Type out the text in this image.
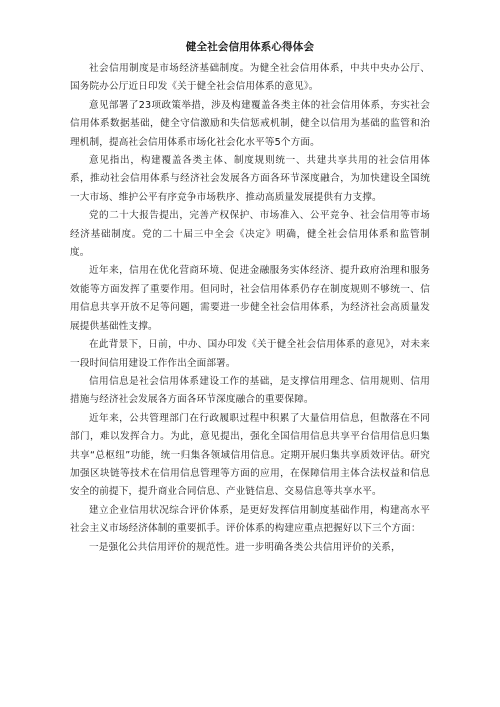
健全社会信用体系心得体会

社会信用制度是市场经济基础制度。为健全社会信用体系，中共中央办公厅、国务院办公厅近日印发《关于健全社会信用体系的意见》。

意见部署了23项政策举措，涉及构建覆盖各类主体的社会信用体系，夯实社会信用体系数据基础，健全守信激励和失信惩戒机制，健全以信用为基础的监管和治理机制，提高社会信用体系市场化社会化水平等5个方面。

意见指出，构建覆盖各类主体、制度规则统一、共建共享共用的社会信用体系，推动社会信用体系与经济社会发展各方面各环节深度融合，为加快建设全国统一大市场、维护公平有序竞争市场秩序、推动高质量发展提供有力支撑。

党的二十大报告提出，完善产权保护、市场准入、公平竞争、社会信用等市场经济基础制度。党的二十届三中全会《决定》明确，健全社会信用体系和监管制度。

近年来，信用在优化营商环境、促进金融服务实体经济、提升政府治理和服务效能等方面发挥了重要作用。但同时，社会信用体系仍存在制度规则不够统一、信用信息共享开放不足等问题，需要进一步健全社会信用体系，为经济社会高质量发展提供基础性支撑。

在此背景下，日前，中办、国办印发《关于健全社会信用体系的意见》，对未来一段时间信用建设工作作出全面部署。

信用信息是社会信用体系建设工作的基础，是支撑信用理念、信用规则、信用措施与经济社会发展各方面各环节深度融合的重要保障。

近年来，公共管理部门在行政履职过程中积累了大量信用信息，但散落在不同部门，难以发挥合力。为此，意见提出，强化全国信用信息共享平台信用信息归集共享“总枢纽”功能，统一归集各领域信用信息。定期开展归集共享质效评估。研究加强区块链等技术在信用信息管理等方面的应用，在保障信用主体合法权益和信息安全的前提下，提升商业合同信息、产业链信息、交易信息等共享水平。

建立企业信用状况综合评价体系，是更好发挥信用制度基础作用，构建高水平社会主义市场经济体制的重要抓手。评价体系的构建应重点把握好以下三个方面：

一是强化公共信用评价的规范性。进一步明确各类公共信用评价的关系，
